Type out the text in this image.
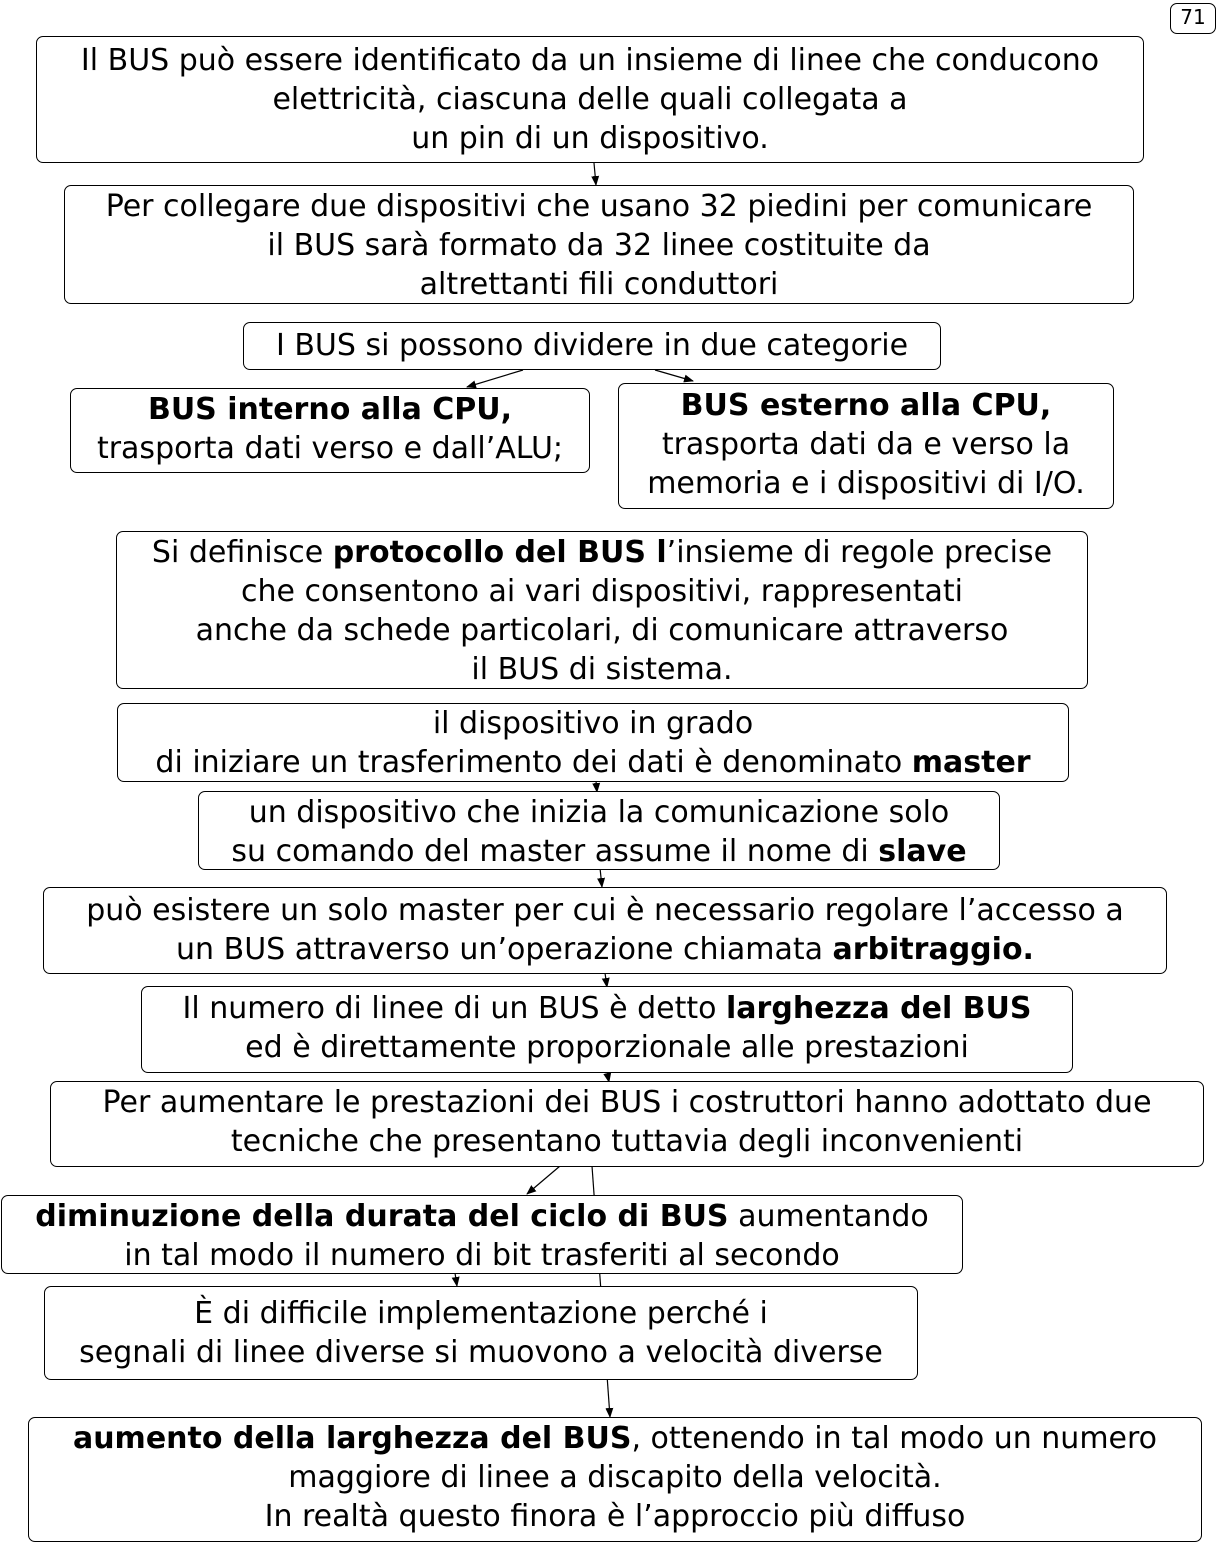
71
Il BUS può essere identificato da un insieme di linee che conducono
elettricità, ciascuna delle quali collegata a
un pin di un dispositivo.
Per collegare due dispositivi che usano 32 piedini per comunicare
il BUS sarà formato da 32 linee costituite da
altrettanti fili conduttori
I BUS si possono dividere in due categorie
BUS interno alla CPU,
trasporta dati verso e dall’ALU;
BUS esterno alla CPU,
trasporta dati da e verso la
memoria e i dispositivi di I/O.
Si definisce protocollo del BUS l’insieme di regole precise
che consentono ai vari dispositivi, rappresentati
anche da schede particolari, di comunicare attraverso
il BUS di sistema.
il dispositivo in grado
di iniziare un trasferimento dei dati è denominato master
un dispositivo che inizia la comunicazione solo
su comando del master assume il nome di slave
può esistere un solo master per cui è necessario regolare l’accesso a
un BUS attraverso un’operazione chiamata arbitraggio.
Il numero di linee di un BUS è detto larghezza del BUS
ed è direttamente proporzionale alle prestazioni
Per aumentare le prestazioni dei BUS i costruttori hanno adottato due
tecniche che presentano tuttavia degli inconvenienti
diminuzione della durata del ciclo di BUS aumentando
in tal modo il numero di bit trasferiti al secondo
È di difficile implementazione perché i
segnali di linee diverse si muovono a velocità diverse
aumento della larghezza del BUS, ottenendo in tal modo un numero
maggiore di linee a discapito della velocità.
In realtà questo finora è l’approccio più diffuso
